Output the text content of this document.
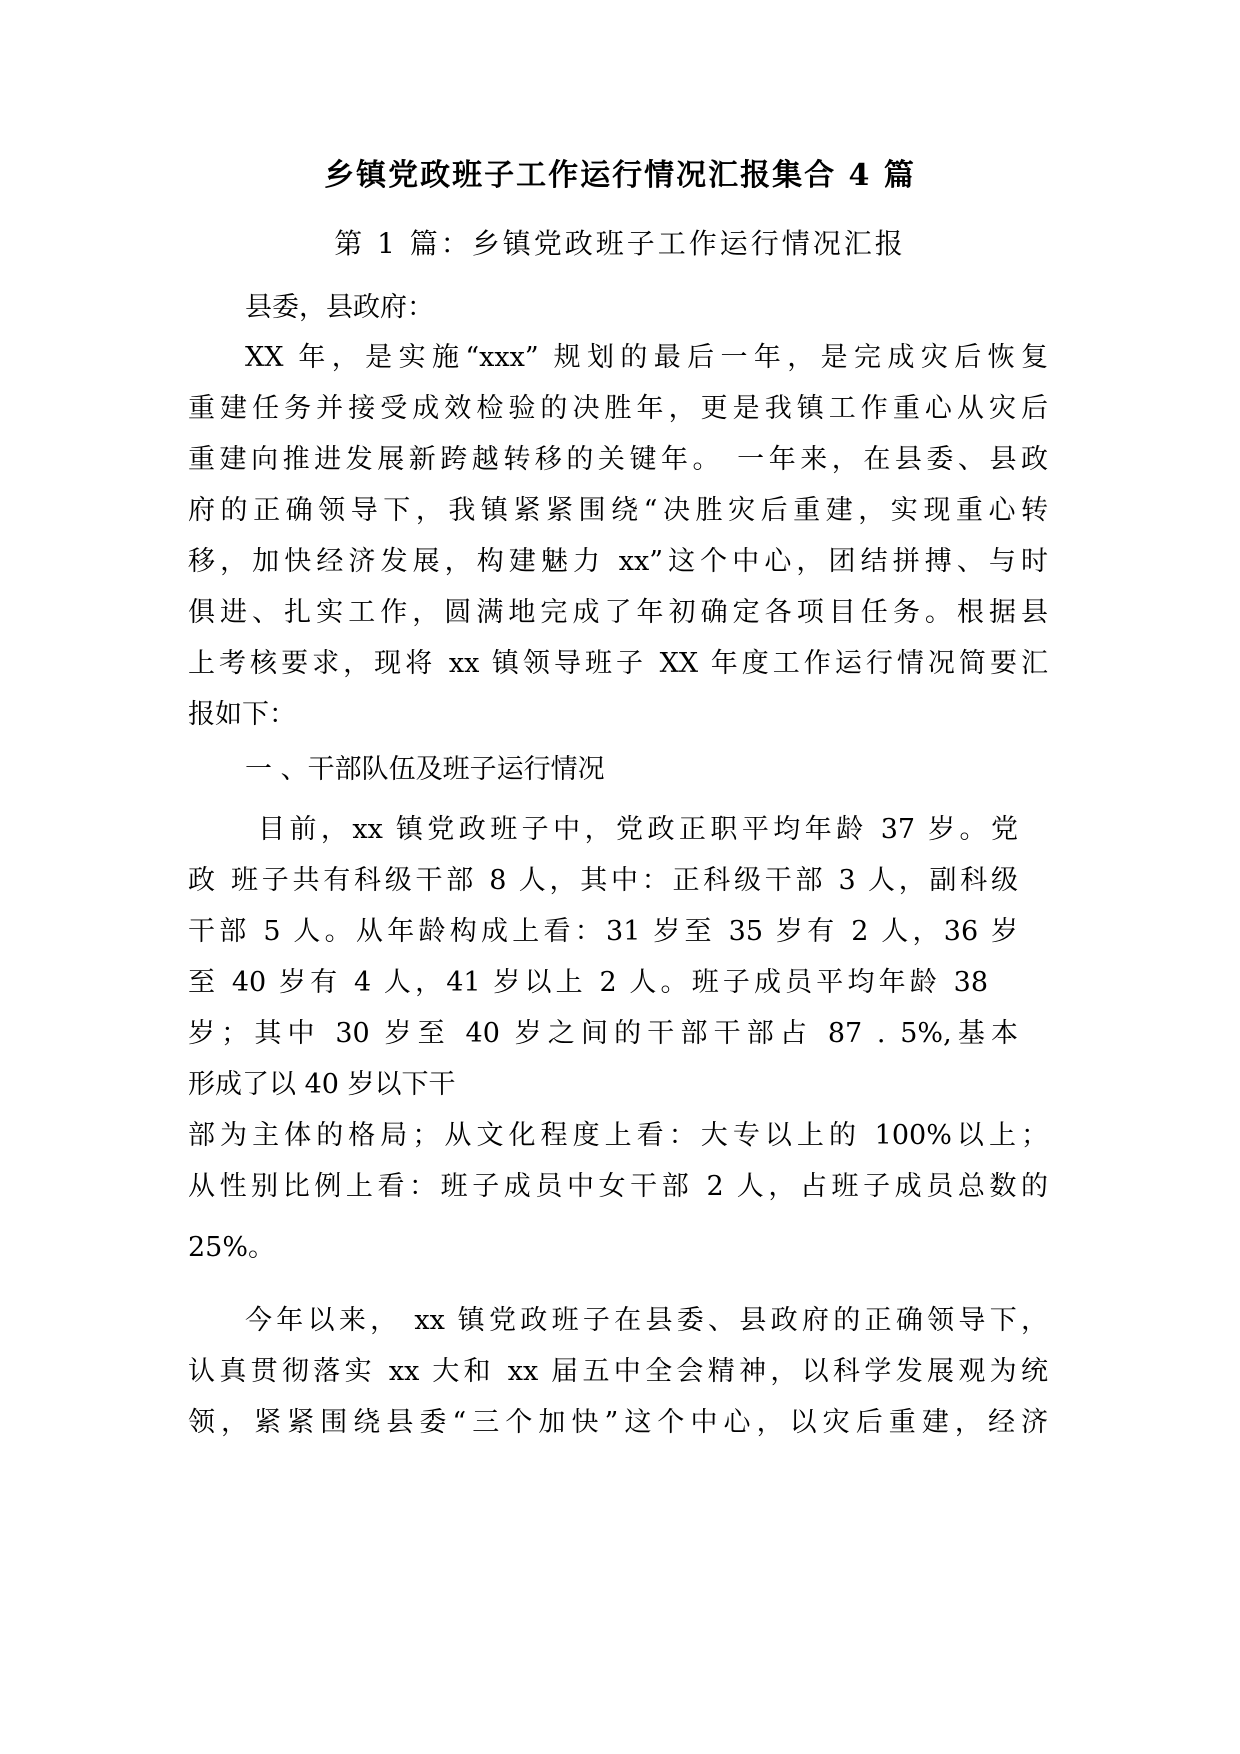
乡镇党政班子工作运行情况汇报集合 4 篇
第 1 篇：乡镇党政班子工作运行情况汇报
县委，县政府：
XX 年，是实施“xxx” 规划的最后一年，是完成灾后恢复
重建任务并接受成效检验的决胜年，更是我镇工作重心从灾后
重建向推进发展新跨越转移的关键年。 一年来，在县委、县政
府的正确领导下，我镇紧紧围绕“决胜灾后重建，实现重心转
移，加快经济发展，构建魅力 xx”这个中心，团结拼搏、与时
俱进、扎实工作，圆满地完成了年初确定各项目任务。根据县
上考核要求，现将 xx 镇领导班子 XX 年度工作运行情况简要汇
报如下：
一 、干部队伍及班子运行情况
目前，xx 镇党政班子中，党政正职平均年龄 37 岁。党
政 班子共有科级干部 8 人，其中：正科级干部 3 人，副科级
干部 5 人。从年龄构成上看：31 岁至 35 岁有 2 人，36 岁
至 40 岁有 4 人，41 岁以上 2 人。班子成员平均年龄 38
岁；其中 30 岁至 40 岁之间的干部干部占 87 . 5%,基本
形成了以 40 岁以下干
部为主体的格局；从文化程度上看：大专以上的 100%以上；
从性别比例上看：班子成员中女干部 2 人，占班子成员总数的
25%。
今年以来， xx 镇党政班子在县委、县政府的正确领导下，
认真贯彻落实 xx 大和 xx 届五中全会精神，以科学发展观为统
领，紧紧围绕县委“三个加快”这个中心，以灾后重建，经济
